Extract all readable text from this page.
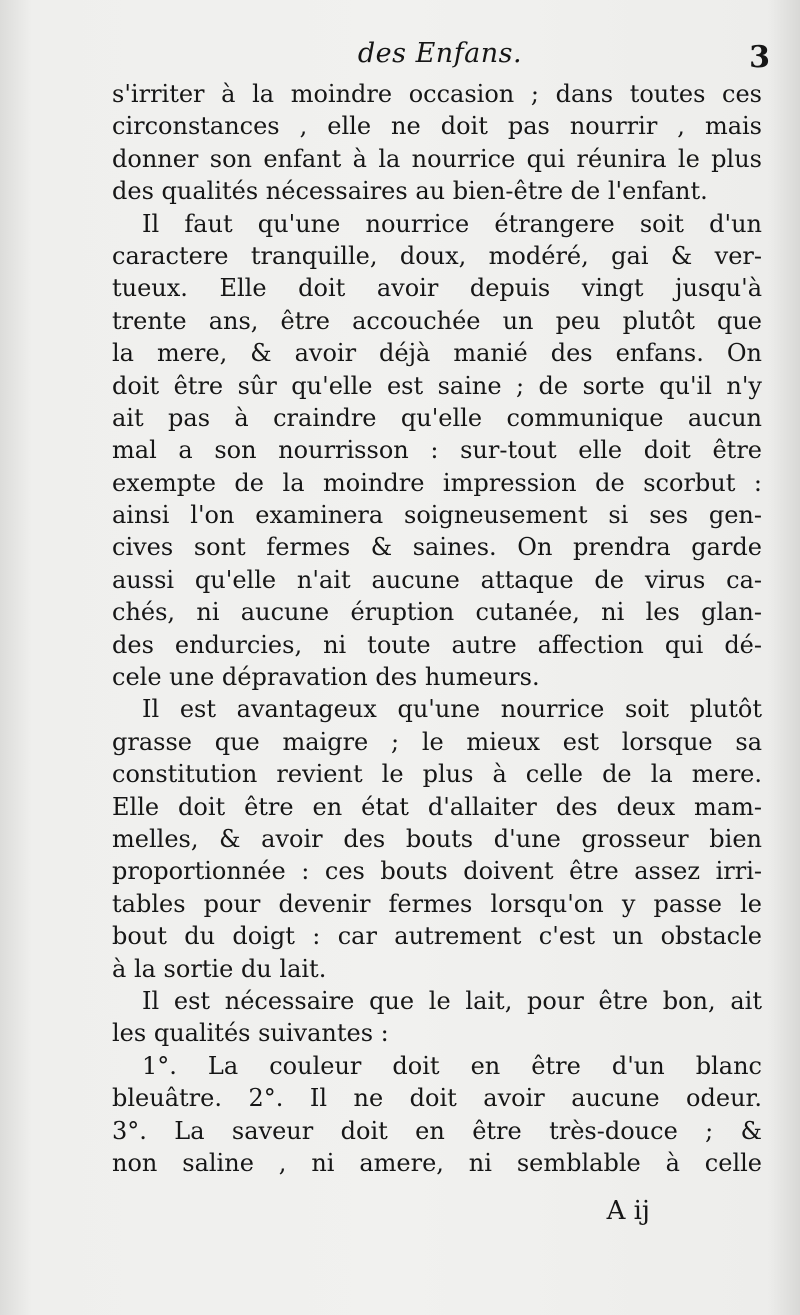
des Enfans.	3
s'irriter à la moindre occasion ; dans toutes ces
circonstances , elle ne doit pas nourrir , mais
donner son enfant à la nourrice qui réunira le plus
des qualités nécessaires au bien-être de l'enfant.
Il faut qu'une nourrice étrangere soit d'un
caractere tranquille, doux, modéré, gai & ver-
tueux. Elle doit avoir depuis vingt jusqu'à
trente ans, être accouchée un peu plutôt que
la mere, & avoir déjà manié des enfans. On
doit être sûr qu'elle est saine ; de sorte qu'il n'y
ait pas à craindre qu'elle communique aucun
mal a son nourrisson : sur-tout elle doit être
exempte de la moindre impression de scorbut :
ainsi l'on examinera soigneusement si ses gen-
cives sont fermes & saines. On prendra garde
aussi qu'elle n'ait aucune attaque de virus ca-
chés, ni aucune éruption cutanée, ni les glan-
des endurcies, ni toute autre affection qui dé-
cele une dépravation des humeurs.
Il est avantageux qu'une nourrice soit plutôt
grasse que maigre ; le mieux est lorsque sa
constitution revient le plus à celle de la mere.
Elle doit être en état d'allaiter des deux mam-
melles, & avoir des bouts d'une grosseur bien
proportionnée : ces bouts doivent être assez irri-
tables pour devenir fermes lorsqu'on y passe le
bout du doigt : car autrement c'est un obstacle
à la sortie du lait.
Il est nécessaire que le lait, pour être bon, ait
les qualités suivantes :
1°. La couleur doit en être d'un blanc
bleuâtre. 2°. Il ne doit avoir aucune odeur.
3°. La saveur doit en être très-douce ; &
non saline , ni amere, ni semblable à celle
A ij
